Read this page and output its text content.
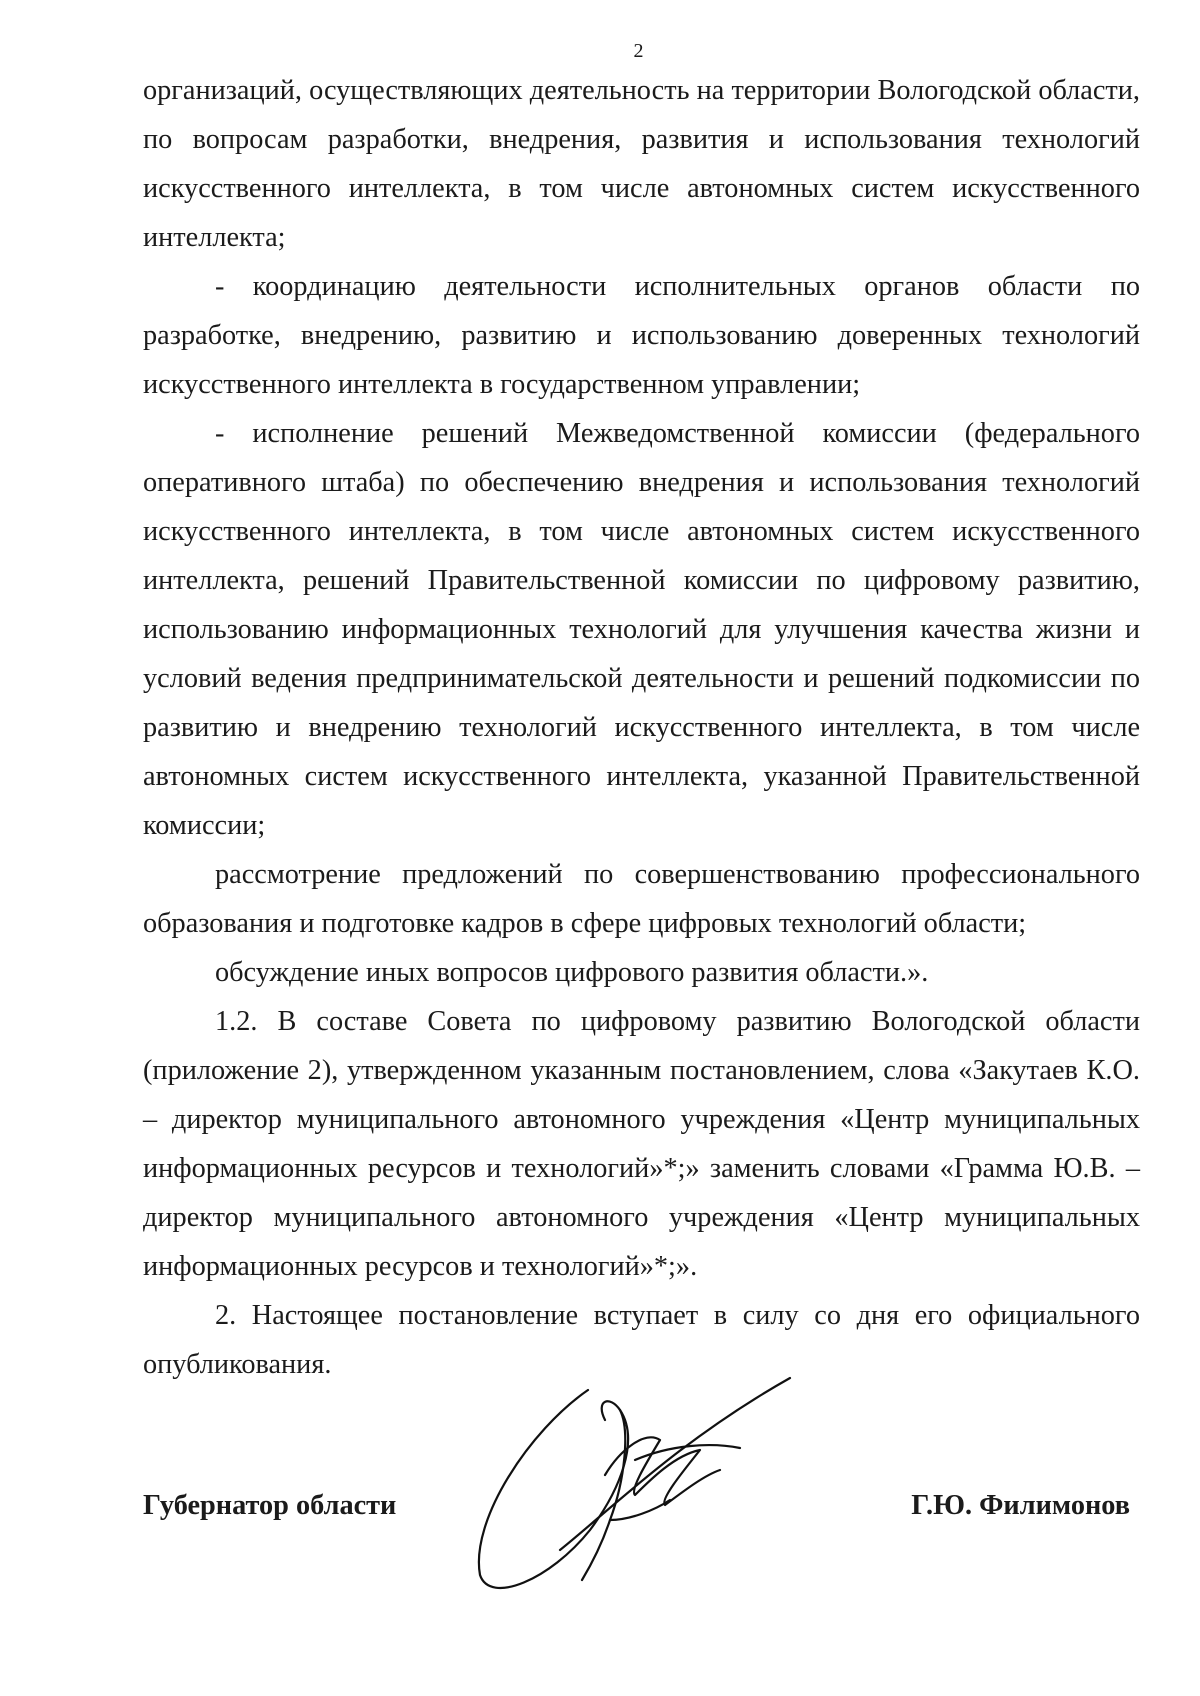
2

организаций, осуществляющих деятельность на территории Вологодской области, по вопросам разработки, внедрения, развития и использования технологий искусственного интеллекта, в том числе автономных систем искусственного интеллекта;

- координацию деятельности исполнительных органов области по разработке, внедрению, развитию и использованию доверенных технологий искусственного интеллекта в государственном управлении;

- исполнение решений Межведомственной комиссии (федерального оперативного штаба) по обеспечению внедрения и использования технологий искусственного интеллекта, в том числе автономных систем искусственного интеллекта, решений Правительственной комиссии по цифровому развитию, использованию информационных технологий для улучшения качества жизни и условий ведения предпринимательской деятельности и решений подкомиссии по развитию и внедрению технологий искусственного интеллекта, в том числе автономных систем искусственного интеллекта, указанной Правительственной комиссии;

рассмотрение предложений по совершенствованию профессионального образования и подготовке кадров в сфере цифровых технологий области;

обсуждение иных вопросов цифрового развития области.».

1.2. В составе Совета по цифровому развитию Вологодской области (приложение 2), утвержденном указанным постановлением, слова «Закутаев К.О. – директор муниципального автономного учреждения «Центр муниципальных информационных ресурсов и технологий»*;» заменить словами «Грамма Ю.В. – директор муниципального автономного учреждения «Центр муниципальных информационных ресурсов и технологий»*;».

2. Настоящее постановление вступает в силу со дня его официального опубликования.

Губернатор области	Г.Ю. Филимонов
